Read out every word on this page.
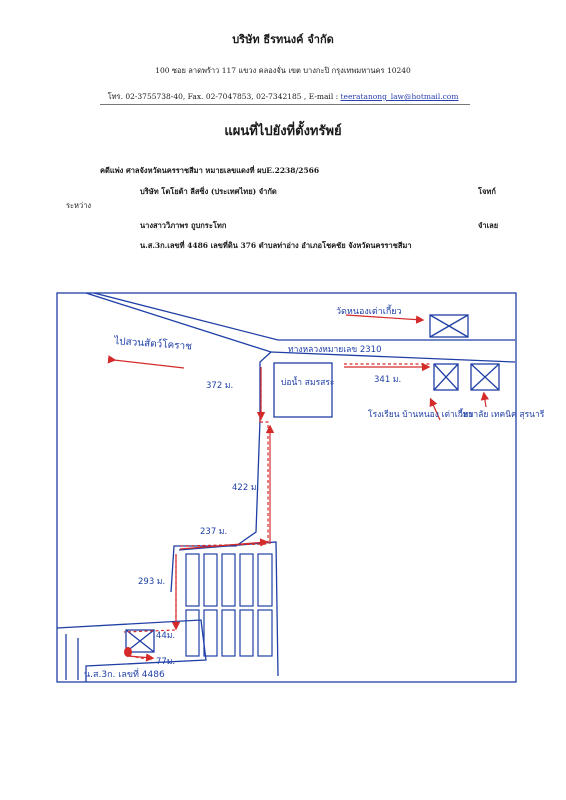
บริษัท ธีรทนงค์ จำกัด
100 ซอย ลาดพร้าว 117 แขวง คลองจั่น เขต บางกะปิ กรุงเทพมหานคร 10240
โทร. 02-3755738-40, Fax. 02-7047853, 02-7342185 , E-mail : teeratanong_law@hotmail.com
แผนที่ไปยังที่ตั้งทรัพย์
คดีแพ่ง ศาลจังหวัดนครราชสีมา หมายเลขแดงที่ ผบE.2238/2566
บริษัท โตโยต้า ลีสซิ่ง (ประเทศไทย) จำกัด	โจทก์
ระหว่าง
นางสาววิภาพร ถูบกระโทก	จำเลย
น.ส.3ก.เลขที่ 4486 เลขที่ดิน 376 ตำบลท่าอ่าง อำเภอโชคชัย จังหวัดนครราชสีมา
วัดหนองเต่าเกี้ยว
ไปสวนสัตว์โคราช	ทางหลวงหมายเลข 2310
บ่อน้ำ สมรสระ
โรงเรียน บ้านหนอง เต่าเกี้ยว
วิทยาลัย เทคนิค สุรนารี
น.ส.3ก. เลขที่ 4486
372 ม.
341 ม.
422 ม.
237 ม.
293 ม.
44ม.
77ม.
